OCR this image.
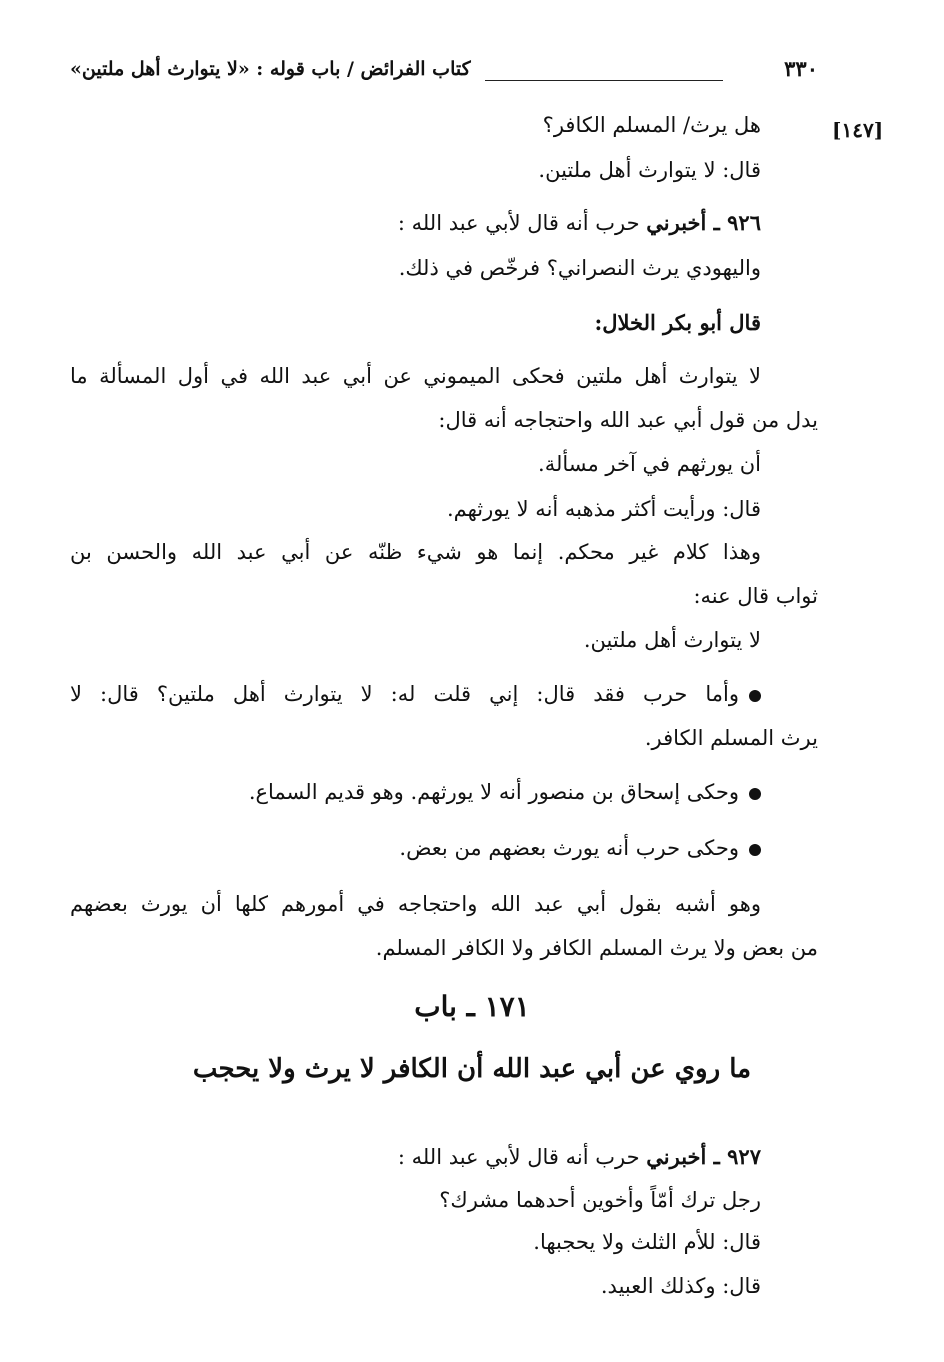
كتاب الفرائض / باب قوله : «لا يتوارث أهل ملتين»	٣٣٠
[١٤٧]
هل يرث/ المسلم الكافر؟
قال: لا يتوارث أهل ملتين.
٩٢٦ ـ أخبرني حرب أنه قال لأبي عبد الله :
واليهودي يرث النصراني؟ فرخّص في ذلك.
قال أبو بكر الخلال:
لا يتوارث أهل ملتين فحكى الميموني عن أبي عبد الله في أول المسألة ما
يدل من قول أبي عبد الله واحتجاجه أنه قال:
أن يورثهم في آخر مسألة.
قال: ورأيت أكثر مذهبه أنه لا يورثهم.
وهذا كلام غير محكم. إنما هو شيء ظنّه عن أبي عبد الله والحسن بن
ثواب قال عنه:
لا يتوارث أهل ملتين.
وأما حرب فقد قال: إني قلت له: لا يتوارث أهل ملتين؟ قال: لا
يرث المسلم الكافر.
وحكى إسحاق بن منصور أنه لا يورثهم. وهو قديم السماع.
وحكى حرب أنه يورث بعضهم من بعض.
وهو أشبه بقول أبي عبد الله واحتجاجه في أمورهم كلها أن يورث بعضهم
من بعض ولا يرث المسلم الكافر ولا الكافر المسلم.
١٧١ ـ باب
ما روي عن أبي عبد الله أن الكافر لا يرث ولا يحجب
٩٢٧ ـ أخبرني حرب أنه قال لأبي عبد الله :
رجل ترك أمّاً وأخوين أحدهما مشرك؟
قال: للأم الثلث ولا يحجبها.
قال: وكذلك العبيد.
